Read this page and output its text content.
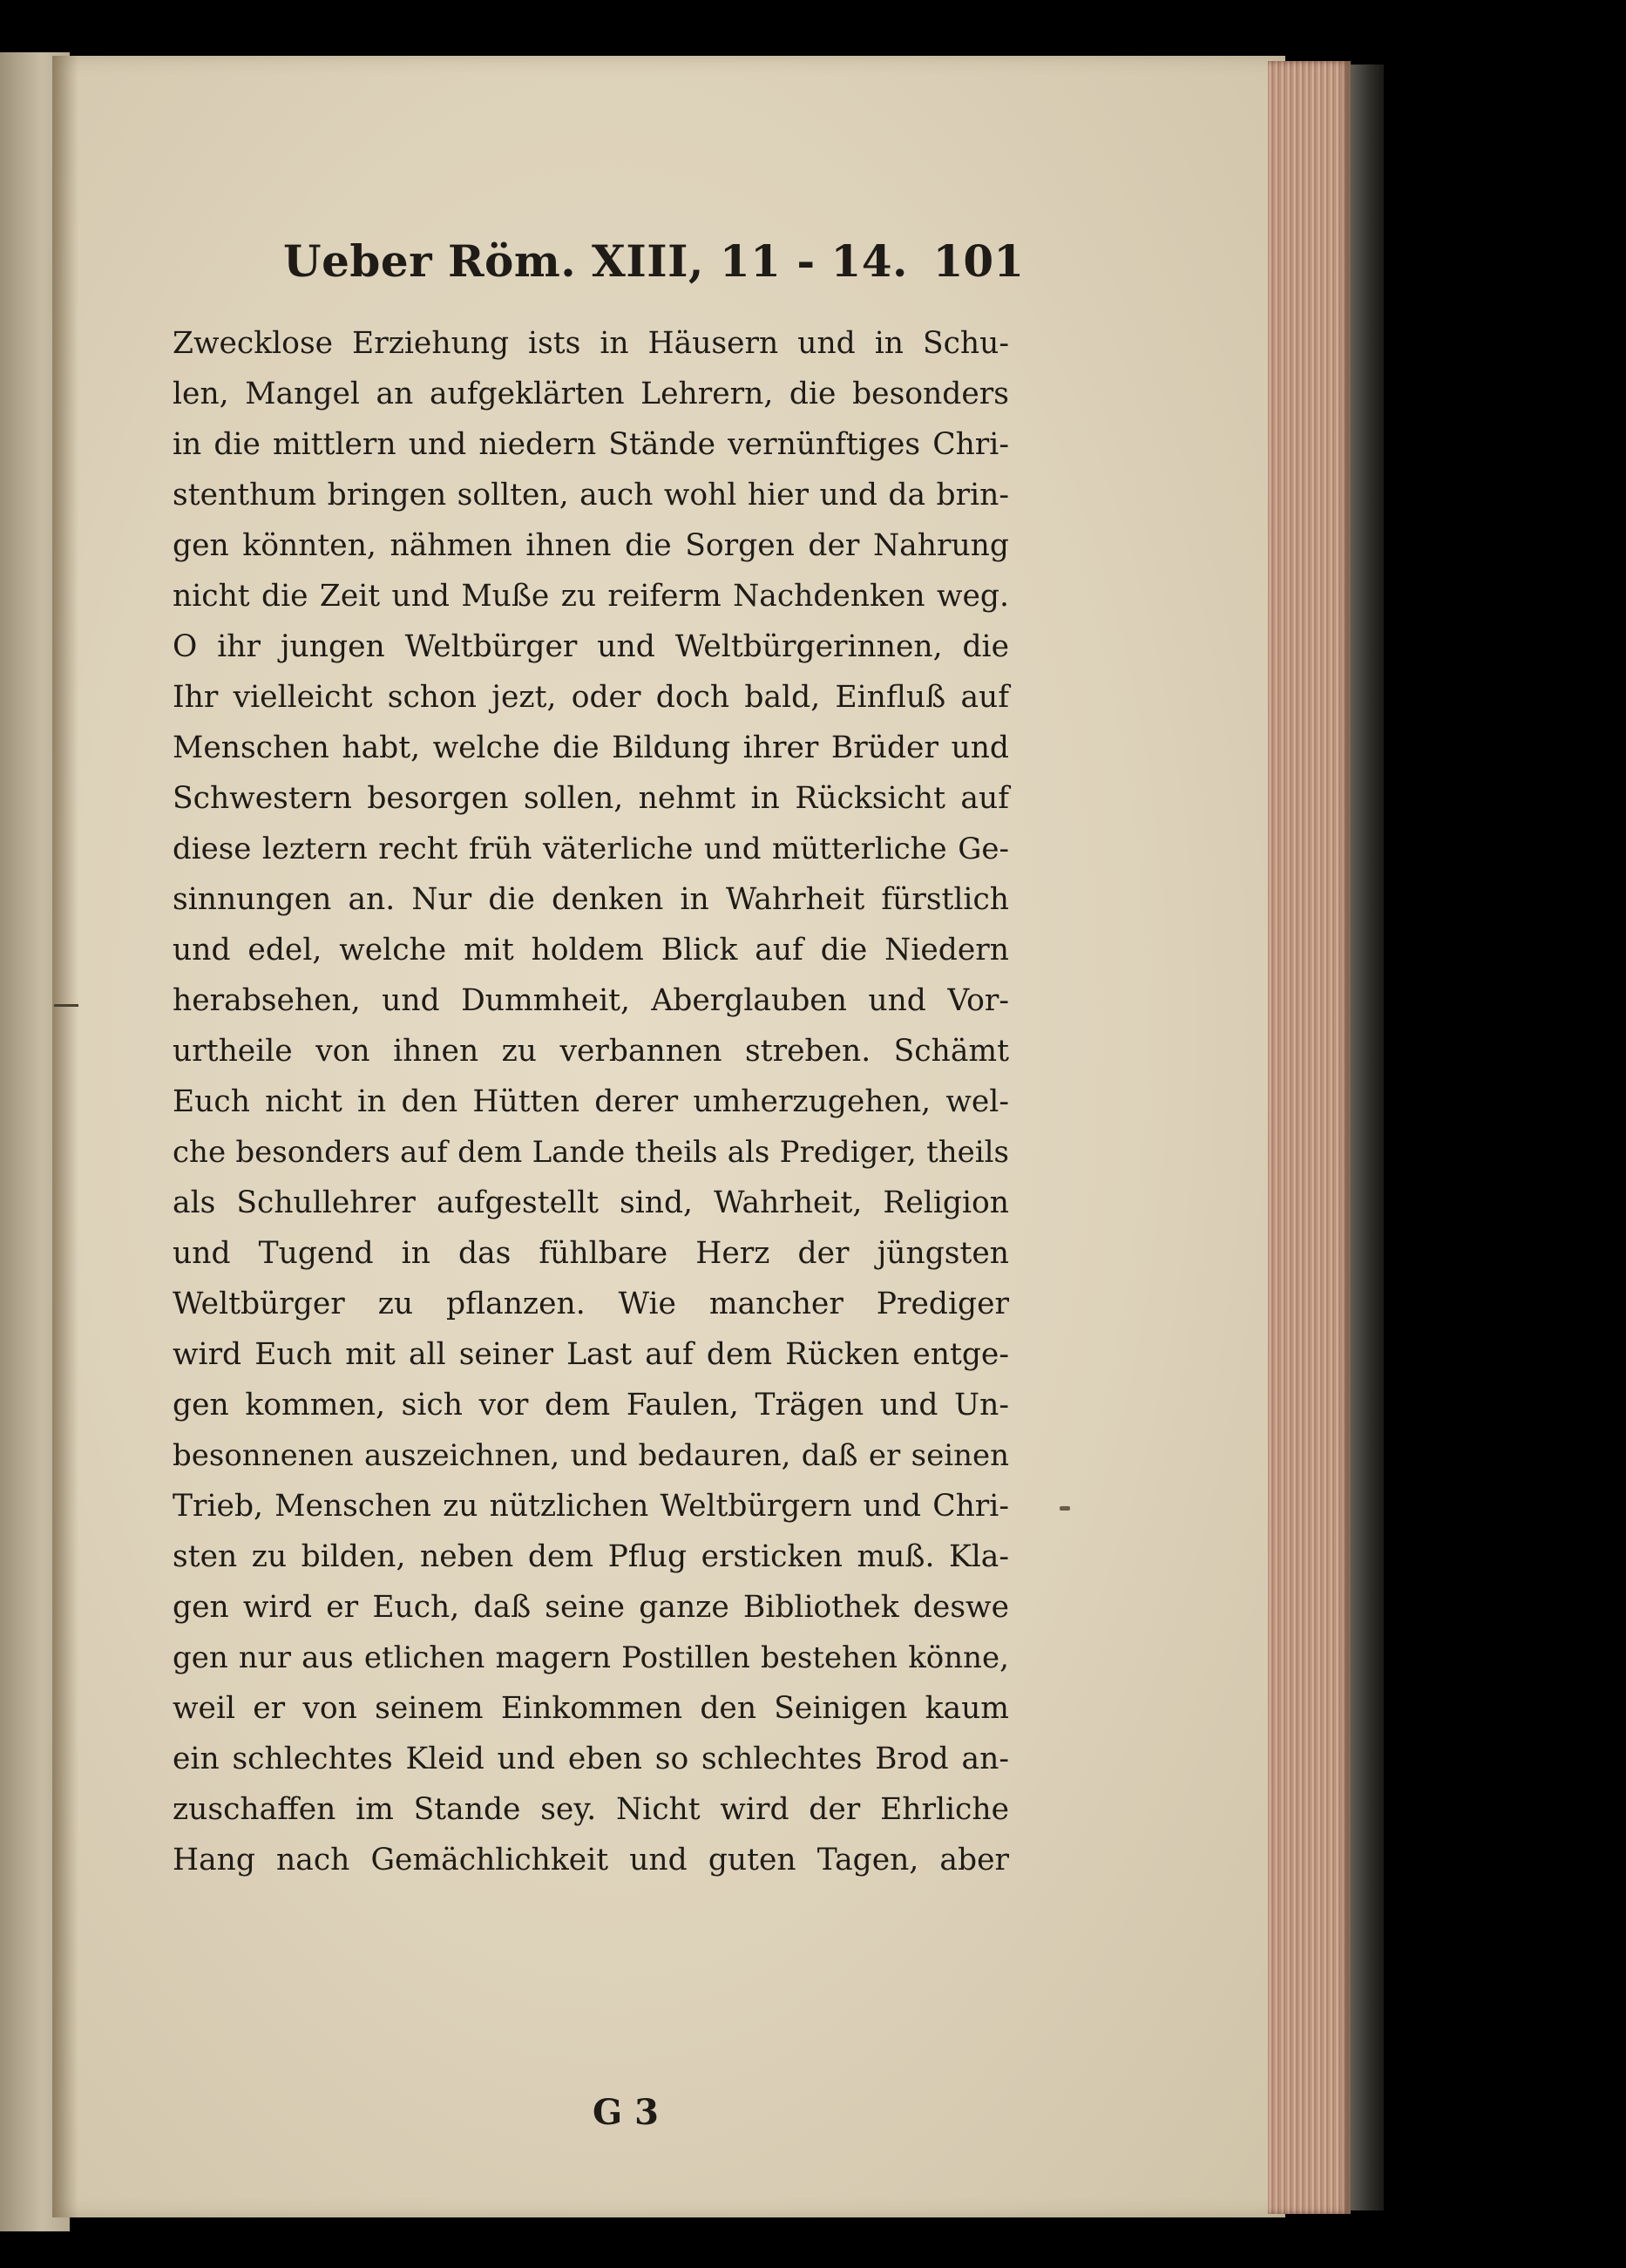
Ueber Röm. XIII, 11 - 14. 101
Zwecklose Erziehung ists in Häusern und in Schu-
len, Mangel an aufgeklärten Lehrern, die besonders
in die mittlern und niedern Stände vernünftiges Chri-
stenthum bringen sollten, auch wohl hier und da brin-
gen könnten, nähmen ihnen die Sorgen der Nahrung
nicht die Zeit und Muße zu reiferm Nachdenken weg.
O ihr jungen Weltbürger und Weltbürgerinnen, die
Ihr vielleicht schon jezt, oder doch bald, Einfluß auf
Menschen habt, welche die Bildung ihrer Brüder und
Schwestern besorgen sollen, nehmt in Rücksicht auf
diese leztern recht früh väterliche und mütterliche Ge-
sinnungen an. Nur die denken in Wahrheit fürstlich
und edel, welche mit holdem Blick auf die Niedern
herabsehen, und Dummheit, Aberglauben und Vor-
urtheile von ihnen zu verbannen streben. Schämt
Euch nicht in den Hütten derer umherzugehen, wel-
che besonders auf dem Lande theils als Prediger, theils
als Schullehrer aufgestellt sind, Wahrheit, Religion
und Tugend in das fühlbare Herz der jüngsten
Weltbürger zu pflanzen. Wie mancher Prediger
wird Euch mit all seiner Last auf dem Rücken entge-
gen kommen, sich vor dem Faulen, Trägen und Un-
besonnenen auszeichnen, und bedauren, daß er seinen
Trieb, Menschen zu nützlichen Weltbürgern und Chri-
sten zu bilden, neben dem Pflug ersticken muß. Kla-
gen wird er Euch, daß seine ganze Bibliothek deswe
gen nur aus etlichen magern Postillen bestehen könne,
weil er von seinem Einkommen den Seinigen kaum
ein schlechtes Kleid und eben so schlechtes Brod an-
zuschaffen im Stande sey. Nicht wird der Ehrliche
Hang nach Gemächlichkeit und guten Tagen, aber
G 3
